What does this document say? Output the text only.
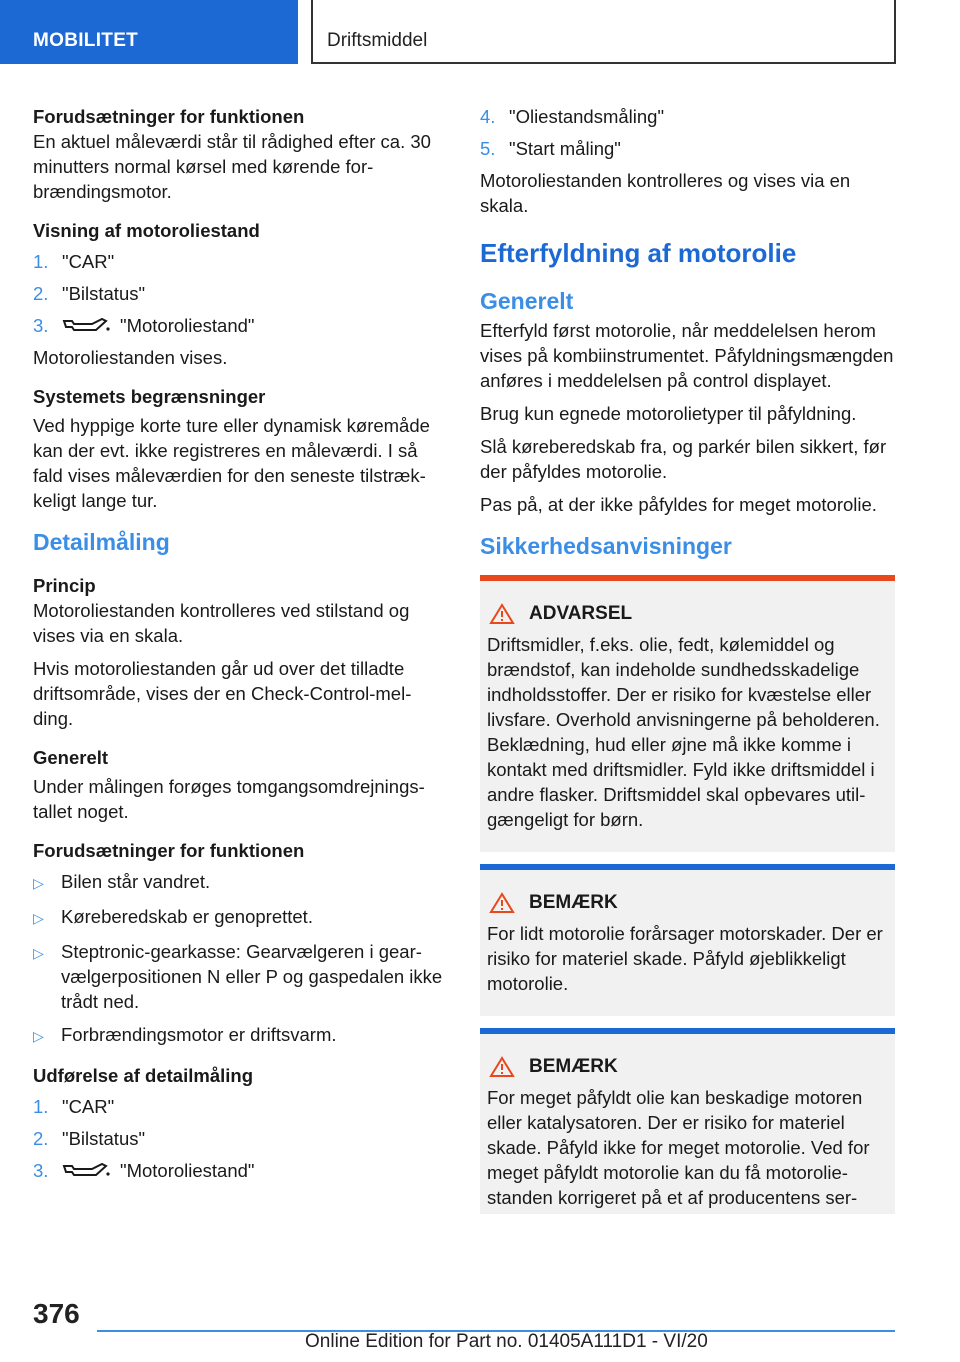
MOBILITET	Driftsmiddel
Forudsætninger for funktionen
En aktuel måleværdi står til rådighed efter ca. 30 minutters normal kørsel med kørende forbrændingsmotor.
Visning af motoroliestand
1. "CAR"
2. "Bilstatus"
3.	"Motoroliestand"
Motoroliestanden vises.
Systemets begrænsninger
Ved hyppige korte ture eller dynamisk køremåde kan der evt. ikke registreres en måleværdi. I så fald vises måleværdien for den seneste tilstrækkeligt lange tur.
Detailmåling
Princip
Motoroliestanden kontrolleres ved stilstand og vises via en skala.
Hvis motoroliestanden går ud over det tilladte driftsområde, vises der en Check-Control-melding.
Generelt
Under målingen forøges tomgangsomdrejningstallet noget.
Forudsætninger for funktionen
▷ Bilen står vandret.
▷ Køreberedskab er genoprettet.
▷ Steptronic-gearkasse: Gearvælgeren i gearvælgerpositionen N eller P og gaspedalen ikke trådt ned.
▷ Forbrændingsmotor er driftsvarm.
Udførelse af detailmåling
1. "CAR"
2. "Bilstatus"
3.	"Motoroliestand"
4. "Oliestandsmåling"
5. "Start måling"
Motoroliestanden kontrolleres og vises via en skala.
Efterfyldning af motorolie
Generelt
Efterfyld først motorolie, når meddelelsen herom vises på kombiinstrumentet. Påfyldningsmængden anføres i meddelelsen på control displayet.
Brug kun egnede motorolietyper til påfyldning.
Slå køreberedskab fra, og parkér bilen sikkert, før der påfyldes motorolie.
Pas på, at der ikke påfyldes for meget motorolie.
Sikkerhedsanvisninger
ADVARSEL
Driftsmidler, f.eks. olie, fedt, kølemiddel og brændstof, kan indeholde sundhedsskadelige indholdsstoffer. Der er risiko for kvæstelse eller livsfare. Overhold anvisningerne på beholderen. Beklædning, hud eller øjne må ikke komme i kontakt med driftsmidler. Fyld ikke driftsmiddel i andre flasker. Driftsmiddel skal opbevares utilgængeligt for børn.
BEMÆRK
For lidt motorolie forårsager motorskader. Der er risiko for materiel skade. Påfyld øjeblikkeligt motorolie.
BEMÆRK
For meget påfyldt olie kan beskadige motoren eller katalysatoren. Der er risiko for materiel skade. Påfyld ikke for meget motorolie. Ved for meget påfyldt motorolie kan du få motoroliestanden korrigeret på et af producentens ser-
376
Online Edition for Part no. 01405A111D1 - VI/20
